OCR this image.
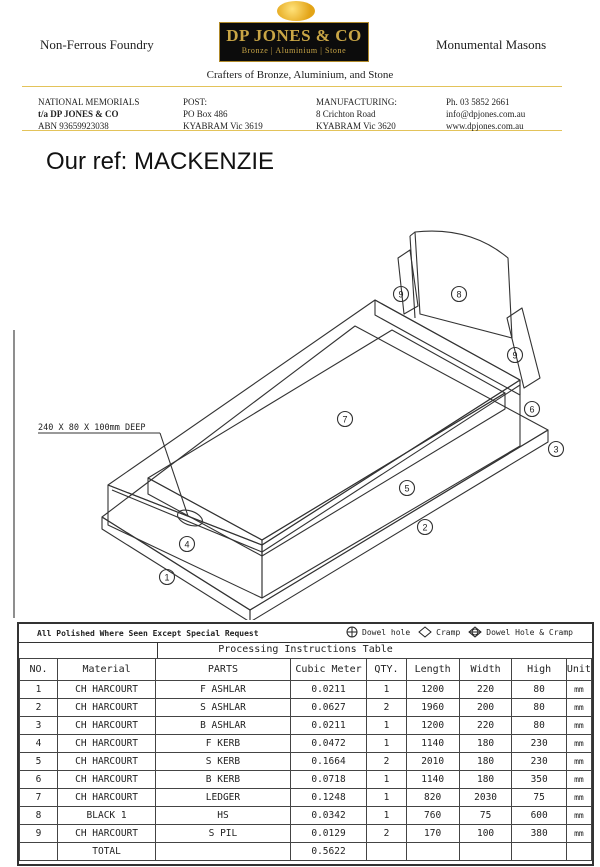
Non-Ferrous Foundry	DP JONES & CO
Bronze | Aluminium | Stone	Monumental Masons
Crafters of Bronze, Aluminium, and Stone
NATIONAL MEMORIALS
t/a DP JONES & CO
ABN 93659923038
POST:
PO Box 486
KYABRAM Vic 3619
MANUFACTURING:
8 Crichton Road
KYABRAM Vic 3620
Ph. 03 5852 2661
info@dpjones.com.au
www.dpjones.com.au
Our ref: MACKENZIE
240 X 80 X 100mm DEEP
1
2
3
4
5
6
7
8
9
9
All Polished Where Seen Except Special Request	Dowel hole	Cramp	Dowel Hole & Cramp
Processing Instructions Table
NO.	Material	PARTS	Cubic Meter	QTY.	Length	Width	High	Unit
1	CH HARCOURT	F ASHLAR	0.0211	1	1200	220	80	mm
2	CH HARCOURT	S ASHLAR	0.0627	2	1960	200	80	mm
3	CH HARCOURT	B ASHLAR	0.0211	1	1200	220	80	mm
4	CH HARCOURT	F KERB	0.0472	1	1140	180	230	mm
5	CH HARCOURT	S KERB	0.1664	2	2010	180	230	mm
6	CH HARCOURT	B KERB	0.0718	1	1140	180	350	mm
7	CH HARCOURT	LEDGER	0.1248	1	820	2030	75	mm
8	BLACK 1	HS	0.0342	1	760	75	600	mm
9	CH HARCOURT	S PIL	0.0129	2	170	100	380	mm
	TOTAL		0.5622					
